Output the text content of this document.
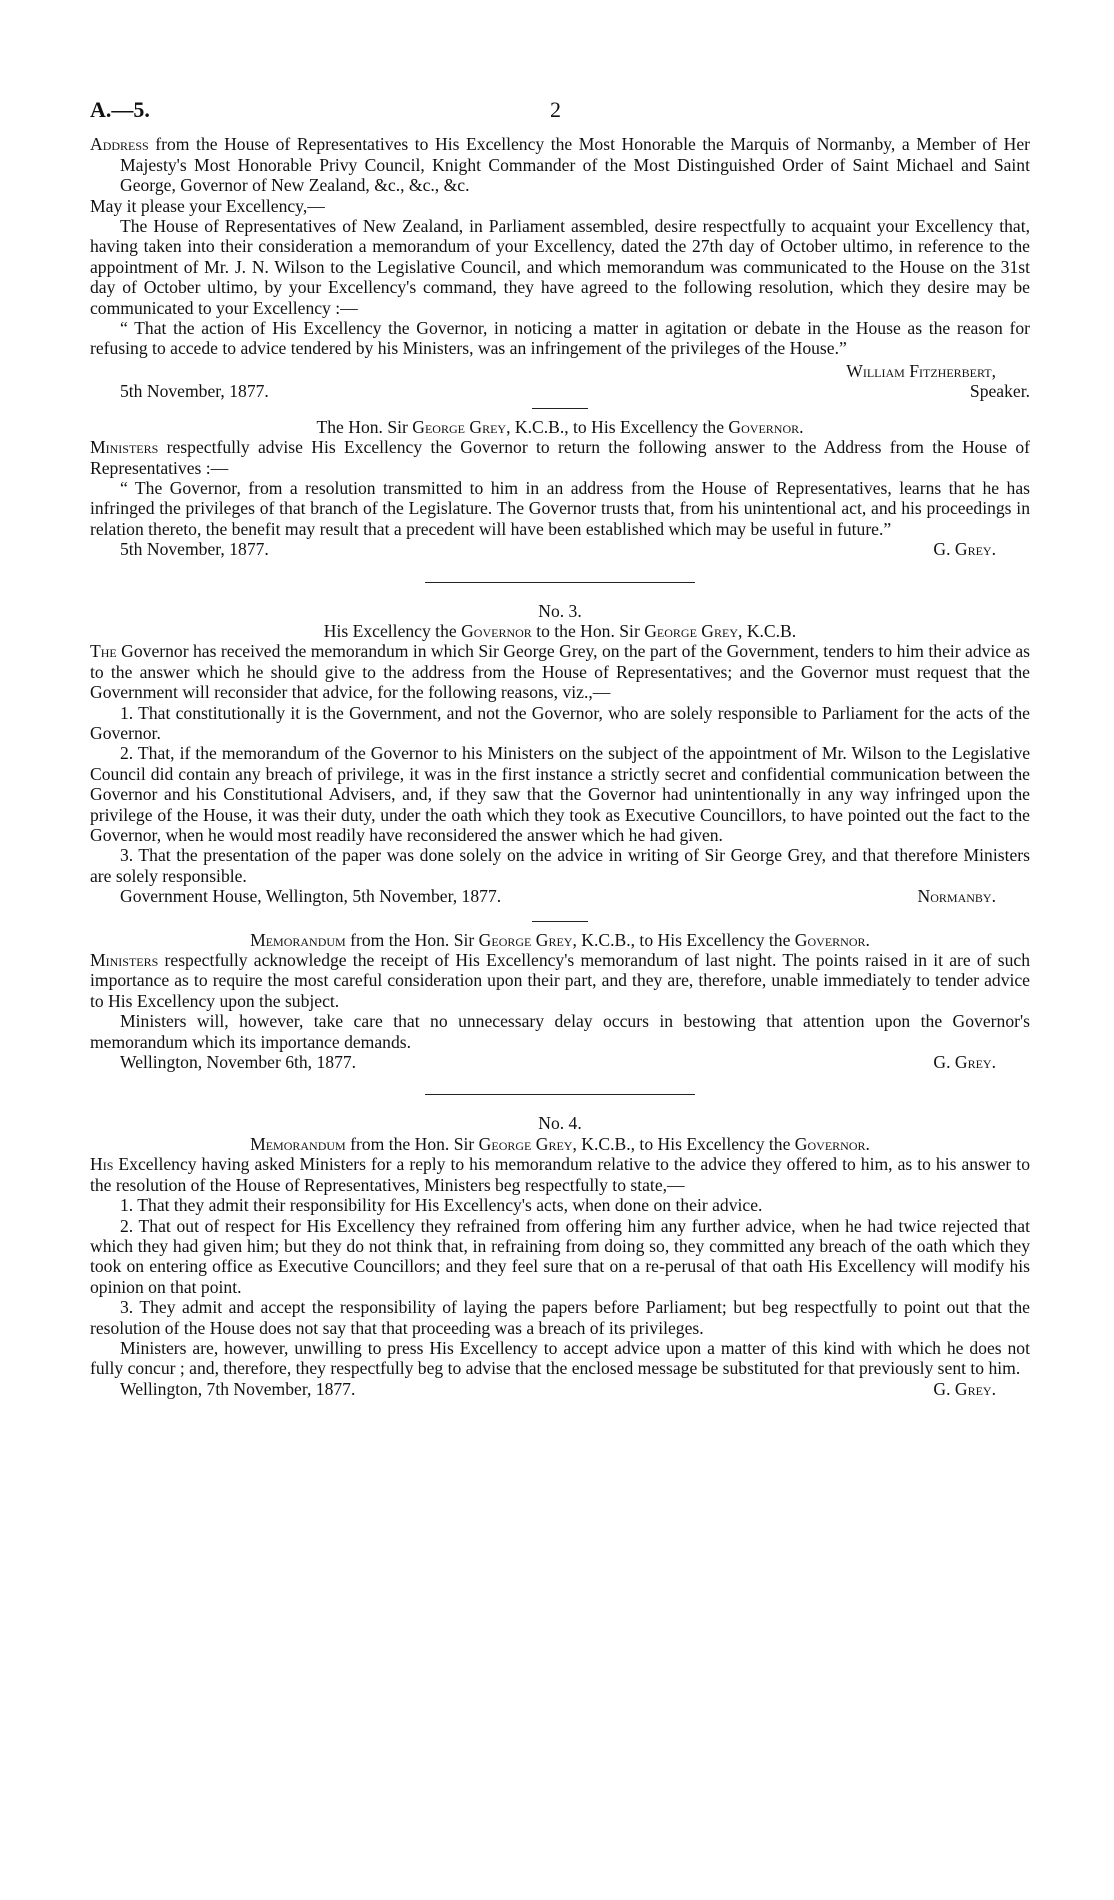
A.—5.	2

Address from the House of Representatives to His Excellency the Most Honorable the Marquis of Normanby, a Member of Her Majesty's Most Honorable Privy Council, Knight Commander of the Most Distinguished Order of Saint Michael and Saint George, Governor of New Zealand, &c., &c., &c.

May it please your Excellency,—

The House of Representatives of New Zealand, in Parliament assembled, desire respectfully to acquaint your Excellency that, having taken into their consideration a memorandum of your Excellency, dated the 27th day of October ultimo, in reference to the appointment of Mr. J. N. Wilson to the Legislative Council, and which memorandum was communicated to the House on the 31st day of October ultimo, by your Excellency's command, they have agreed to the following resolution, which they desire may be communicated to your Excellency :—

“ That the action of His Excellency the Governor, in noticing a matter in agitation or debate in the House as the reason for refusing to accede to advice tendered by his Ministers, was an infringement of the privileges of the House.”

William Fitzherbert,
5th November, 1877.	Speaker.

The Hon. Sir George Grey, K.C.B., to His Excellency the Governor.

Ministers respectfully advise His Excellency the Governor to return the following answer to the Address from the House of Representatives :—

“ The Governor, from a resolution transmitted to him in an address from the House of Representatives, learns that he has infringed the privileges of that branch of the Legislature. The Governor trusts that, from his unintentional act, and his proceedings in relation thereto, the benefit may result that a precedent will have been established which may be useful in future.”

5th November, 1877.	G. Grey.

No. 3.

His Excellency the Governor to the Hon. Sir George Grey, K.C.B.

The Governor has received the memorandum in which Sir George Grey, on the part of the Government, tenders to him their advice as to the answer which he should give to the address from the House of Representatives; and the Governor must request that the Government will reconsider that advice, for the following reasons, viz.,—

1. That constitutionally it is the Government, and not the Governor, who are solely responsible to Parliament for the acts of the Governor.

2. That, if the memorandum of the Governor to his Ministers on the subject of the appointment of Mr. Wilson to the Legislative Council did contain any breach of privilege, it was in the first instance a strictly secret and confidential communication between the Governor and his Constitutional Advisers, and, if they saw that the Governor had unintentionally in any way infringed upon the privilege of the House, it was their duty, under the oath which they took as Executive Councillors, to have pointed out the fact to the Governor, when he would most readily have reconsidered the answer which he had given.

3. That the presentation of the paper was done solely on the advice in writing of Sir George Grey, and that therefore Ministers are solely responsible.

Government House, Wellington, 5th November, 1877.	Normanby.

Memorandum from the Hon. Sir George Grey, K.C.B., to His Excellency the Governor.

Ministers respectfully acknowledge the receipt of His Excellency's memorandum of last night. The points raised in it are of such importance as to require the most careful consideration upon their part, and they are, therefore, unable immediately to tender advice to His Excellency upon the subject.

Ministers will, however, take care that no unnecessary delay occurs in bestowing that attention upon the Governor's memorandum which its importance demands.

Wellington, November 6th, 1877.	G. Grey.

No. 4.

Memorandum from the Hon. Sir George Grey, K.C.B., to His Excellency the Governor.

His Excellency having asked Ministers for a reply to his memorandum relative to the advice they offered to him, as to his answer to the resolution of the House of Representatives, Ministers beg respectfully to state,—

1. That they admit their responsibility for His Excellency's acts, when done on their advice.

2. That out of respect for His Excellency they refrained from offering him any further advice, when he had twice rejected that which they had given him; but they do not think that, in refraining from doing so, they committed any breach of the oath which they took on entering office as Executive Councillors; and they feel sure that on a re-perusal of that oath His Excellency will modify his opinion on that point.

3. They admit and accept the responsibility of laying the papers before Parliament; but beg respectfully to point out that the resolution of the House does not say that that proceeding was a breach of its privileges.

Ministers are, however, unwilling to press His Excellency to accept advice upon a matter of this kind with which he does not fully concur ; and, therefore, they respectfully beg to advise that the enclosed message be substituted for that previously sent to him.

Wellington, 7th November, 1877.	G. Grey.
